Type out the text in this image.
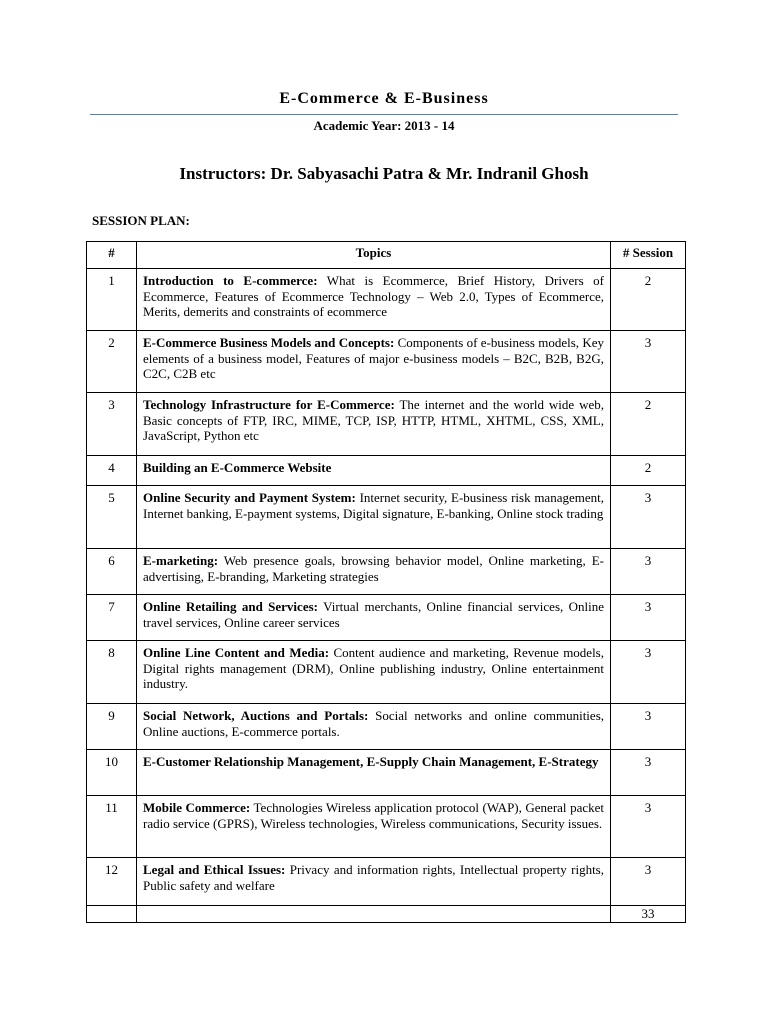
E-Commerce & E-Business
Academic Year: 2013 - 14
Instructors: Dr. Sabyasachi Patra & Mr. Indranil Ghosh
SESSION PLAN:
#	Topics	# Session
1	Introduction to E-commerce: What is Ecommerce, Brief History, Drivers of Ecommerce, Features of Ecommerce Technology – Web 2.0, Types of Ecommerce, Merits, demerits and constraints of ecommerce	2
2	E-Commerce Business Models and Concepts: Components of e-business models, Key elements of a business model, Features of major e-business models – B2C, B2B, B2G, C2C, C2B etc	3
3	Technology Infrastructure for E-Commerce: The internet and the world wide web, Basic concepts of FTP, IRC, MIME, TCP, ISP, HTTP, HTML, XHTML, CSS, XML, JavaScript, Python etc	2
4	Building an E-Commerce Website	2
5	Online Security and Payment System: Internet security, E-business risk management, Internet banking, E-payment systems, Digital signature, E-banking, Online stock trading	3
6	E-marketing: Web presence goals, browsing behavior model, Online marketing, E-advertising, E-branding, Marketing strategies	3
7	Online Retailing and Services: Virtual merchants, Online financial services, Online travel services, Online career services	3
8	Online Line Content and Media: Content audience and marketing, Revenue models, Digital rights management (DRM), Online publishing industry, Online entertainment industry.	3
9	Social Network, Auctions and Portals: Social networks and online communities, Online auctions, E-commerce portals.	3
10	E-Customer Relationship Management, E-Supply Chain Management, E-Strategy	3
11	Mobile Commerce: Technologies Wireless application protocol (WAP), General packet radio service (GPRS), Wireless technologies, Wireless communications, Security issues.	3
12	Legal and Ethical Issues: Privacy and information rights, Intellectual property rights, Public safety and welfare	3
		33
